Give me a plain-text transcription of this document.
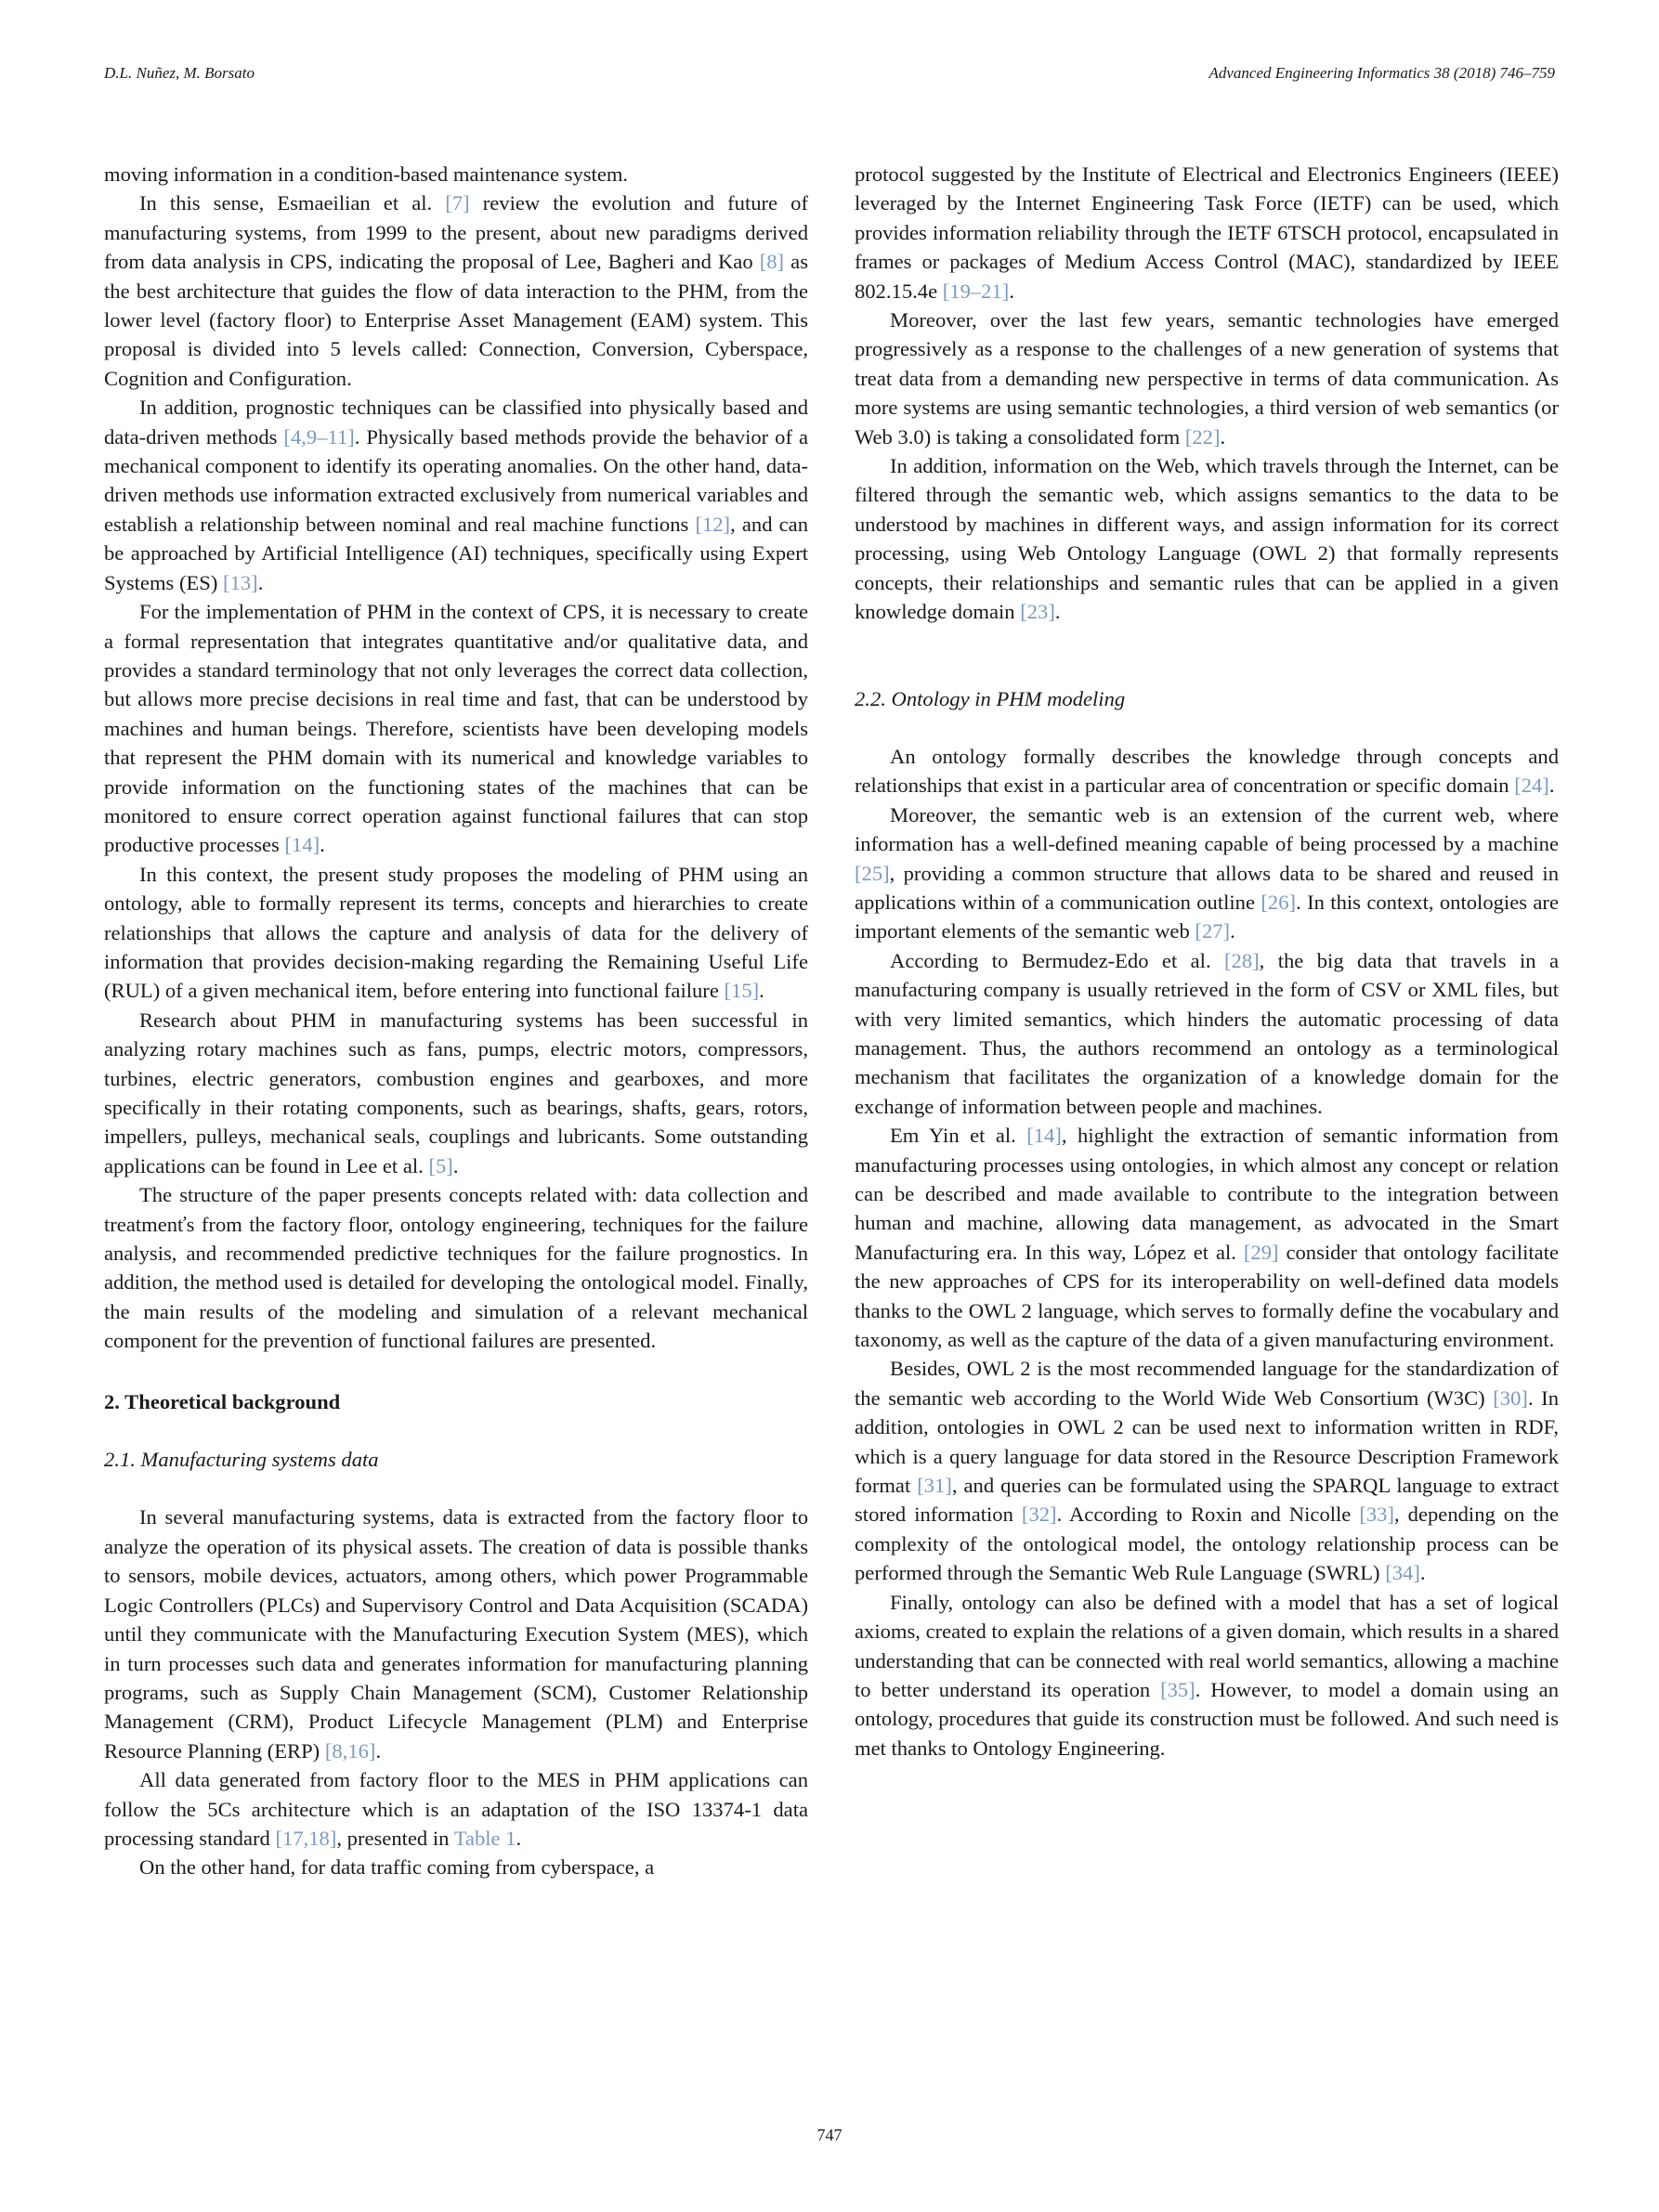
D.L. Nuñez, M. Borsato	Advanced Engineering Informatics 38 (2018) 746–759

moving information in a condition-based maintenance system.

In this sense, Esmaeilian et al. [7] review the evolution and future of manufacturing systems, from 1999 to the present, about new paradigms derived from data analysis in CPS, indicating the proposal of Lee, Bagheri and Kao [8] as the best architecture that guides the flow of data interaction to the PHM, from the lower level (factory floor) to Enterprise Asset Management (EAM) system. This proposal is divided into 5 levels called: Connection, Conversion, Cyberspace, Cognition and Configuration.

In addition, prognostic techniques can be classified into physically based and data-driven methods [4,9–11]. Physically based methods provide the behavior of a mechanical component to identify its operating anomalies. On the other hand, data-driven methods use information extracted exclusively from numerical variables and establish a relationship between nominal and real machine functions [12], and can be approached by Artificial Intelligence (AI) techniques, specifically using Expert Systems (ES) [13].

For the implementation of PHM in the context of CPS, it is necessary to create a formal representation that integrates quantitative and/or qualitative data, and provides a standard terminology that not only leverages the correct data collection, but allows more precise decisions in real time and fast, that can be understood by machines and human beings. Therefore, scientists have been developing models that represent the PHM domain with its numerical and knowledge variables to provide information on the functioning states of the machines that can be monitored to ensure correct operation against functional failures that can stop productive processes [14].

In this context, the present study proposes the modeling of PHM using an ontology, able to formally represent its terms, concepts and hierarchies to create relationships that allows the capture and analysis of data for the delivery of information that provides decision-making regarding the Remaining Useful Life (RUL) of a given mechanical item, before entering into functional failure [15].

Research about PHM in manufacturing systems has been successful in analyzing rotary machines such as fans, pumps, electric motors, compressors, turbines, electric generators, combustion engines and gearboxes, and more specifically in their rotating components, such as bearings, shafts, gears, rotors, impellers, pulleys, mechanical seals, couplings and lubricants. Some outstanding applications can be found in Lee et al. [5].

The structure of the paper presents concepts related with: data collection and treatmenťs from the factory floor, ontology engineering, techniques for the failure analysis, and recommended predictive techniques for the failure prognostics. In addition, the method used is detailed for developing the ontological model. Finally, the main results of the modeling and simulation of a relevant mechanical component for the prevention of functional failures are presented.

2. Theoretical background
2.1. Manufacturing systems data

In several manufacturing systems, data is extracted from the factory floor to analyze the operation of its physical assets. The creation of data is possible thanks to sensors, mobile devices, actuators, among others, which power Programmable Logic Controllers (PLCs) and Supervisory Control and Data Acquisition (SCADA) until they communicate with the Manufacturing Execution System (MES), which in turn processes such data and generates information for manufacturing planning programs, such as Supply Chain Management (SCM), Customer Relationship Management (CRM), Product Lifecycle Management (PLM) and Enterprise Resource Planning (ERP) [8,16].

All data generated from factory floor to the MES in PHM applications can follow the 5Cs architecture which is an adaptation of the ISO 13374-1 data processing standard [17,18], presented in Table 1.

On the other hand, for data traffic coming from cyberspace, a

protocol suggested by the Institute of Electrical and Electronics Engineers (IEEE) leveraged by the Internet Engineering Task Force (IETF) can be used, which provides information reliability through the IETF 6TSCH protocol, encapsulated in frames or packages of Medium Access Control (MAC), standardized by IEEE 802.15.4e [19–21].

Moreover, over the last few years, semantic technologies have emerged progressively as a response to the challenges of a new generation of systems that treat data from a demanding new perspective in terms of data communication. As more systems are using semantic technologies, a third version of web semantics (or Web 3.0) is taking a consolidated form [22].

In addition, information on the Web, which travels through the Internet, can be filtered through the semantic web, which assigns semantics to the data to be understood by machines in different ways, and assign information for its correct processing, using Web Ontology Language (OWL 2) that formally represents concepts, their relationships and semantic rules that can be applied in a given knowledge domain [23].

2.2. Ontology in PHM modeling

An ontology formally describes the knowledge through concepts and relationships that exist in a particular area of concentration or specific domain [24].

Moreover, the semantic web is an extension of the current web, where information has a well-defined meaning capable of being processed by a machine [25], providing a common structure that allows data to be shared and reused in applications within of a communication outline [26]. In this context, ontologies are important elements of the semantic web [27].

According to Bermudez-Edo et al. [28], the big data that travels in a manufacturing company is usually retrieved in the form of CSV or XML files, but with very limited semantics, which hinders the automatic processing of data management. Thus, the authors recommend an ontology as a terminological mechanism that facilitates the organization of a knowledge domain for the exchange of information between people and machines.

Em Yin et al. [14], highlight the extraction of semantic information from manufacturing processes using ontologies, in which almost any concept or relation can be described and made available to contribute to the integration between human and machine, allowing data management, as advocated in the Smart Manufacturing era. In this way, López et al. [29] consider that ontology facilitate the new approaches of CPS for its interoperability on well-defined data models thanks to the OWL 2 language, which serves to formally define the vocabulary and taxonomy, as well as the capture of the data of a given manufacturing environment.

Besides, OWL 2 is the most recommended language for the standardization of the semantic web according to the World Wide Web Consortium (W3C) [30]. In addition, ontologies in OWL 2 can be used next to information written in RDF, which is a query language for data stored in the Resource Description Framework format [31], and queries can be formulated using the SPARQL language to extract stored information [32]. According to Roxin and Nicolle [33], depending on the complexity of the ontological model, the ontology relationship process can be performed through the Semantic Web Rule Language (SWRL) [34].

Finally, ontology can also be defined with a model that has a set of logical axioms, created to explain the relations of a given domain, which results in a shared understanding that can be connected with real world semantics, allowing a machine to better understand its operation [35]. However, to model a domain using an ontology, procedures that guide its construction must be followed. And such need is met thanks to Ontology Engineering.

747
